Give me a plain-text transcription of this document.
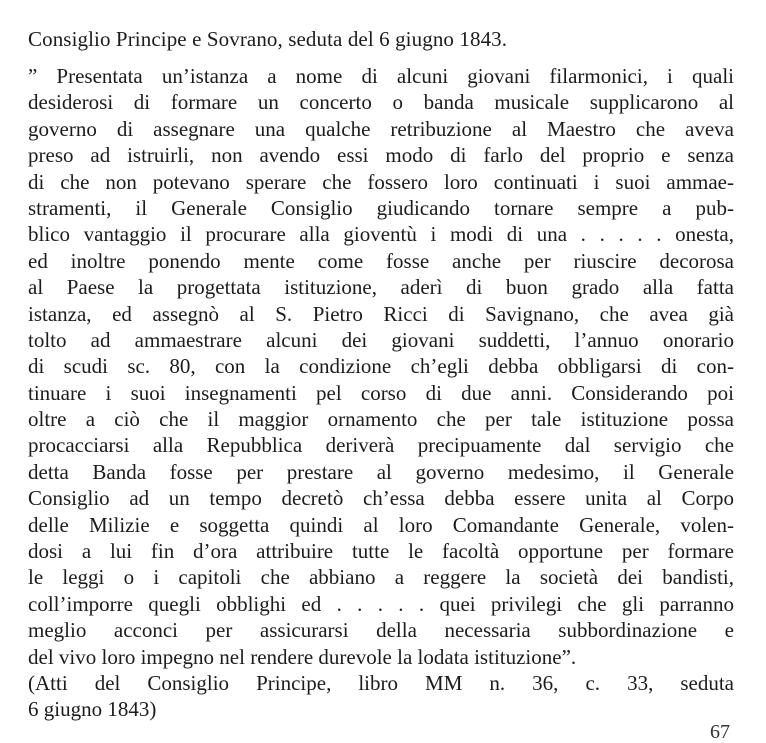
Consiglio Principe e Sovrano, seduta del 6 giugno 1843.
” Presentata un’istanza a nome di alcuni giovani filarmonici, i quali
desiderosi di formare un concerto o banda musicale supplicarono al
governo di assegnare una qualche retribuzione al Maestro che aveva
preso ad istruirli, non avendo essi modo di farlo del proprio e senza
di che non potevano sperare che fossero loro continuati i suoi ammae-
stramenti, il Generale Consiglio giudicando tornare sempre a pub-
blico vantaggio il procurare alla gioventù i modi di una . . . . . onesta,
ed inoltre ponendo mente come fosse anche per riuscire decorosa
al Paese la progettata istituzione, aderì di buon grado alla fatta
istanza, ed assegnò al S. Pietro Ricci di Savignano, che avea già
tolto ad ammaestrare alcuni dei giovani suddetti, l’annuo onorario
di scudi sc. 80, con la condizione ch’egli debba obbligarsi di con-
tinuare i suoi insegnamenti pel corso di due anni. Considerando poi
oltre a ciò che il maggior ornamento che per tale istituzione possa
procacciarsi alla Repubblica deriverà precipuamente dal servigio che
detta Banda fosse per prestare al governo medesimo, il Generale
Consiglio ad un tempo decretò ch’essa debba essere unita al Corpo
delle Milizie e soggetta quindi al loro Comandante Generale, volen-
dosi a lui fin d’ora attribuire tutte le facoltà opportune per formare
le leggi o i capitoli che abbiano a reggere la società dei bandisti,
coll’imporre quegli obblighi ed . . . . . quei privilegi che gli parranno
meglio acconci per assicurarsi della necessaria subbordinazione e
del vivo loro impegno nel rendere durevole la lodata istituzione”.
(Atti del Consiglio Principe, libro MM n. 36, c. 33, seduta
6 giugno 1843)
67
